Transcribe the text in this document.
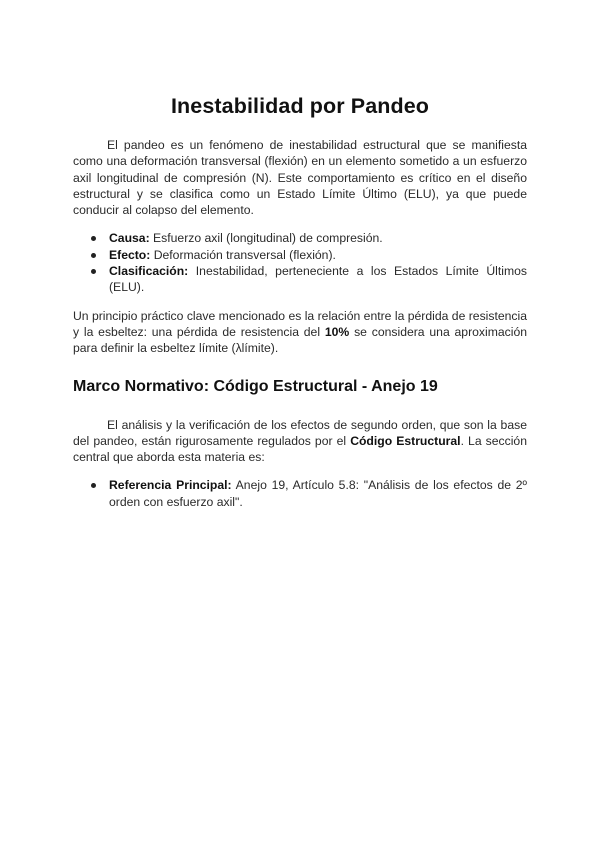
Inestabilidad por Pandeo

El pandeo es un fenómeno de inestabilidad estructural que se manifiesta como una deformación transversal (flexión) en un elemento sometido a un esfuerzo axil longitudinal de compresión (N). Este comportamiento es crítico en el diseño estructural y se clasifica como un Estado Límite Último (ELU), ya que puede conducir al colapso del elemento.

Causa: Esfuerzo axil (longitudinal) de compresión.
Efecto: Deformación transversal (flexión).
Clasificación: Inestabilidad, perteneciente a los Estados Límite Últimos (ELU).

Un principio práctico clave mencionado es la relación entre la pérdida de resistencia y la esbeltez: una pérdida de resistencia del 10% se considera una aproximación para definir la esbeltez límite (λlímite).

Marco Normativo: Código Estructural - Anejo 19

El análisis y la verificación de los efectos de segundo orden, que son la base del pandeo, están rigurosamente regulados por el Código Estructural. La sección central que aborda esta materia es:

Referencia Principal: Anejo 19, Artículo 5.8: "Análisis de los efectos de 2º orden con esfuerzo axil".
